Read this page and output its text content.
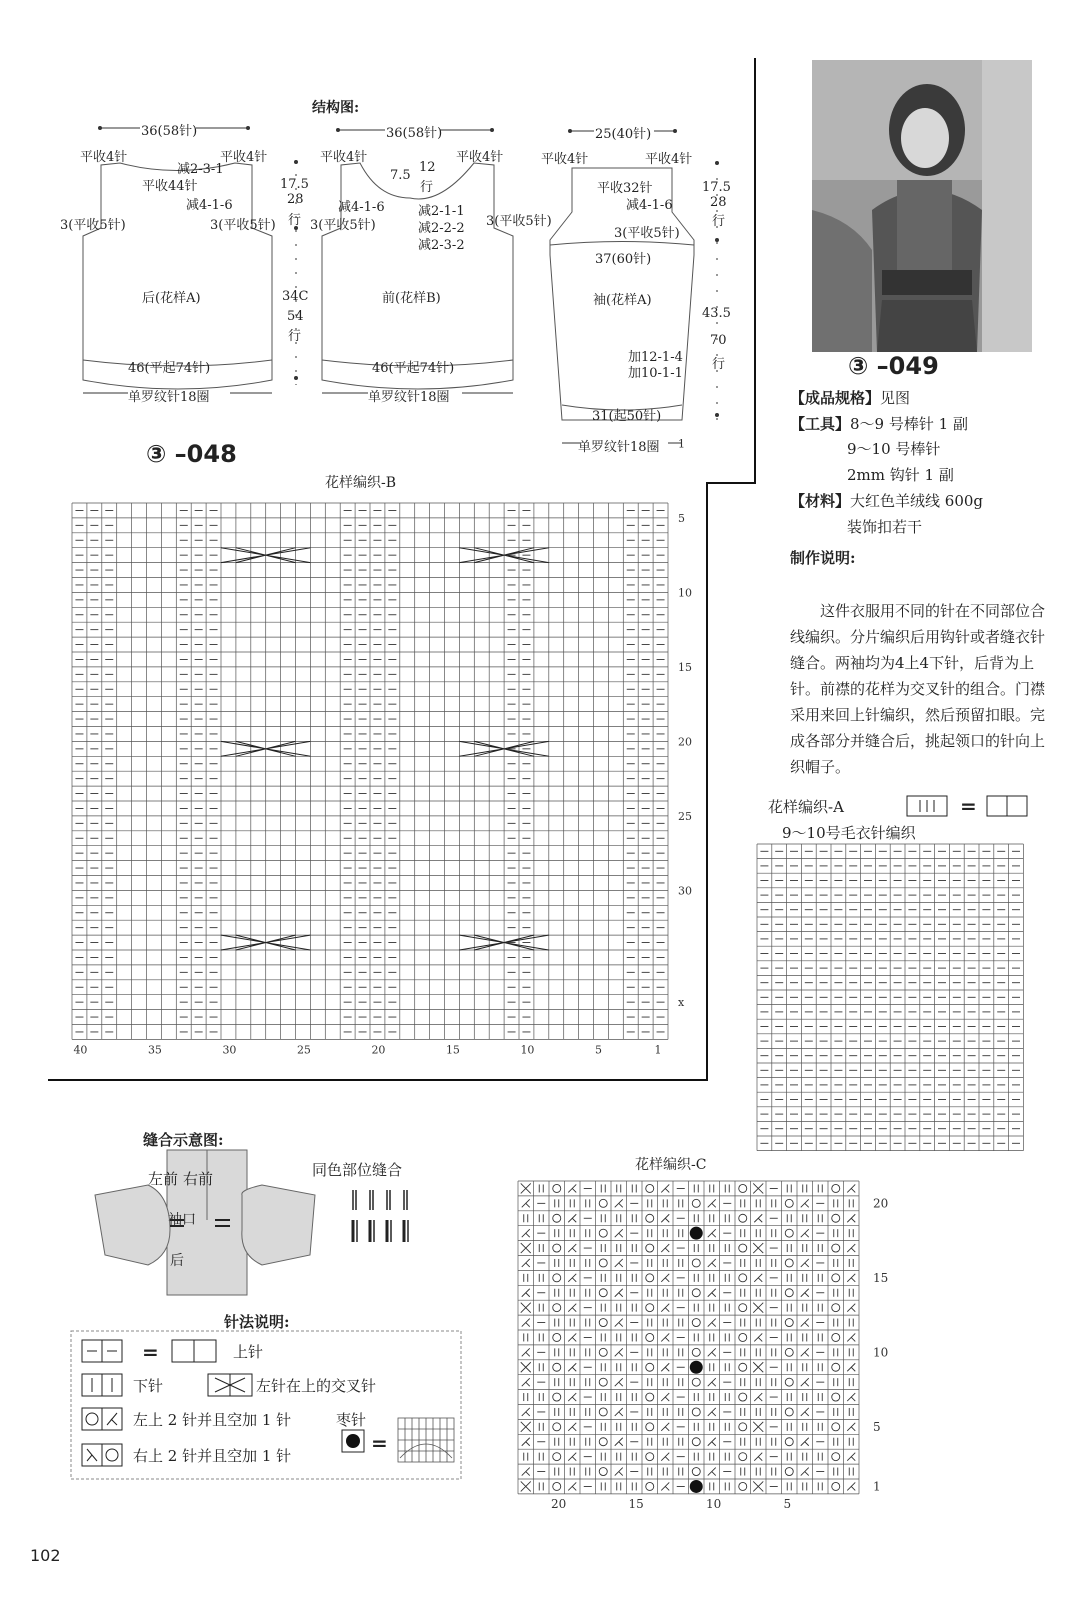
结构图:
36(58针)
平收4针	平收4针
减2-3-1
平收44针
减4-1-6
3(平收5针)	3(平收5针)
后(花样A)
46(平起74针)
单罗纹针18圈
17.5
28
行
34C
54
行
36(58针)
平收4针	平收4针
7.5
12
行
减4-1-6
3(平收5针)
减2-1-1
减2-2-2
减2-3-2
3(平收5针)
前(花样B)
46(平起74针)
单罗纹针18圈
25(40针)
平收4针	平收4针
平收32针
减4-1-6
3(平收5针)
37(60针)
袖(花样A)
加12-1-4
加10-1-1
31(起50针)
单罗纹针18圈
17.5
28
行
43.5
70
行
③ –048
③ –049
【成品规格】见图
【工具】8～9 号棒针 1 副
9～10 号棒针
2mm 钩针 1 副
【材料】大红色羊绒线 600g
装饰扣若干
制作说明:
这件衣服用不同的针在不同部位合线编织。分片编织后用钩针或者缝衣针缝合。两袖均为4上4下针，后背为上针。前襟的花样为交叉针的组合。门襟采用来回上针编织，然后预留扣眼。完成各部分并缝合后，挑起领口的针向上织帽子。
花样编织-B
x
30
25
20
15
10
5
1
40	35	30	25	20	15	10	5	1
花样编织-A	=
9～10号毛衣针编织
缝合示意图:
左前 右前
袖口
后
同色部位缝合
针法说明:
=	上针
下针	左针在上的交叉针
左上 2 针并且空加 1 针	枣针
右上 2 针并且空加 1 针
=
花样编织-C
20
15
10
5
1
20	15	10	5
102
